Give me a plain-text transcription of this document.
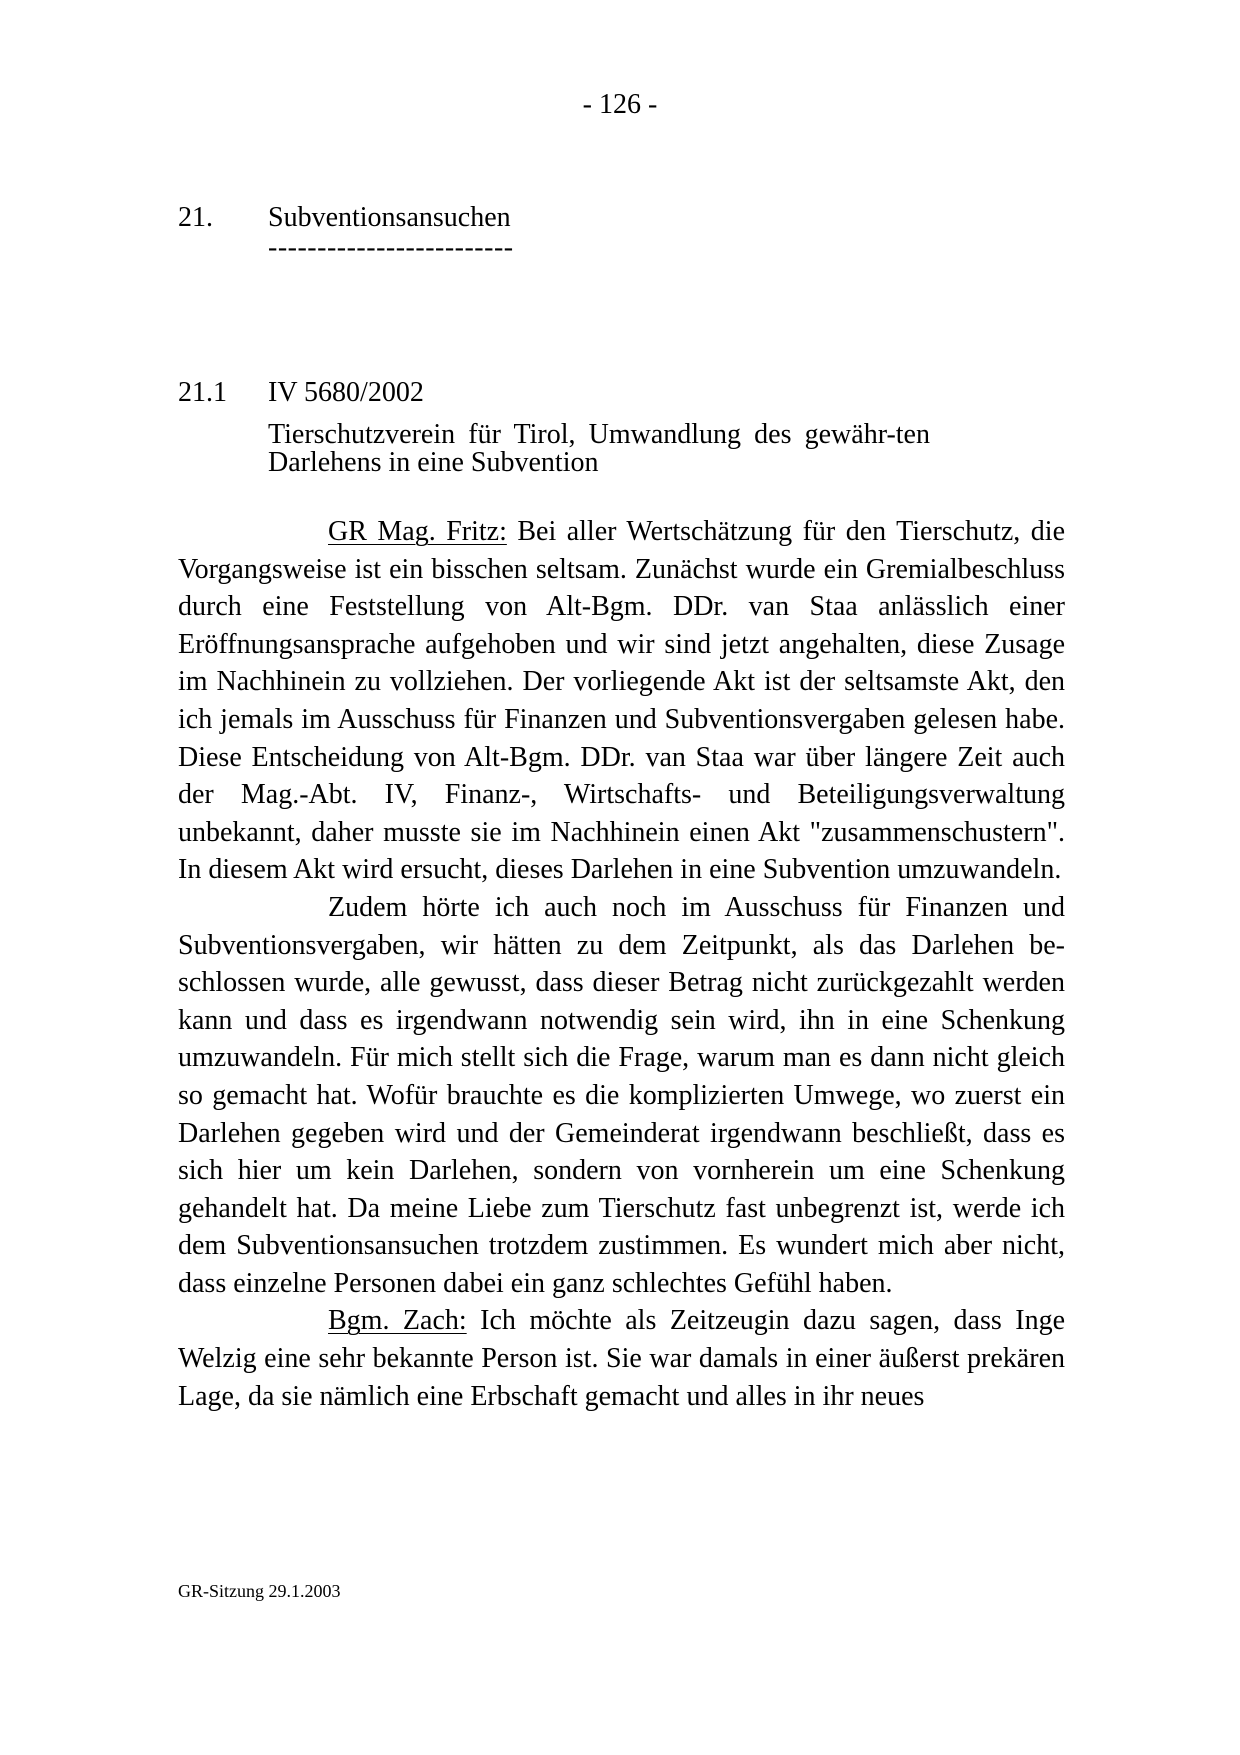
- 126 -
21. Subventionsansuchen
-------------------------
21.1 IV 5680/2002
Tierschutzverein für Tirol, Umwandlung des gewähr-ten Darlehens in eine Subvention

GR Mag. Fritz: Bei aller Wertschätzung für den Tierschutz, die Vorgangsweise ist ein bisschen seltsam. Zunächst wurde ein Gremialbeschluss durch eine Feststellung von Alt-Bgm. DDr. van Staa anlässlich einer Eröffnungsansprache aufgehoben und wir sind jetzt angehalten, diese Zusage im Nachhinein zu vollziehen. Der vorliegende Akt ist der seltsamste Akt, den ich jemals im Ausschuss für Finanzen und Subventionsvergaben gelesen habe. Diese Entscheidung von Alt-Bgm. DDr. van Staa war über längere Zeit auch der Mag.-Abt. IV, Finanz-, Wirtschafts- und Beteiligungsverwaltung unbekannt, daher musste sie im Nachhinein einen Akt "zusammenschustern". In diesem Akt wird ersucht, dieses Darlehen in eine Subvention umzuwandeln.

Zudem hörte ich auch noch im Ausschuss für Finanzen und Subventionsvergaben, wir hätten zu dem Zeitpunkt, als das Darlehen beschlossen wurde, alle gewusst, dass dieser Betrag nicht zurückgezahlt werden kann und dass es irgendwann notwendig sein wird, ihn in eine Schenkung umzuwandeln. Für mich stellt sich die Frage, warum man es dann nicht gleich so gemacht hat. Wofür brauchte es die komplizierten Umwege, wo zuerst ein Darlehen gegeben wird und der Gemeinderat irgendwann beschließt, dass es sich hier um kein Darlehen, sondern von vornherein um eine Schenkung gehandelt hat. Da meine Liebe zum Tierschutz fast unbegrenzt ist, werde ich dem Subventionsansuchen trotzdem zustimmen. Es wundert mich aber nicht, dass einzelne Personen dabei ein ganz schlechtes Gefühl haben.

Bgm. Zach: Ich möchte als Zeitzeugin dazu sagen, dass Inge Welzig eine sehr bekannte Person ist. Sie war damals in einer äußerst prekären Lage, da sie nämlich eine Erbschaft gemacht und alles in ihr neues

GR-Sitzung 29.1.2003
